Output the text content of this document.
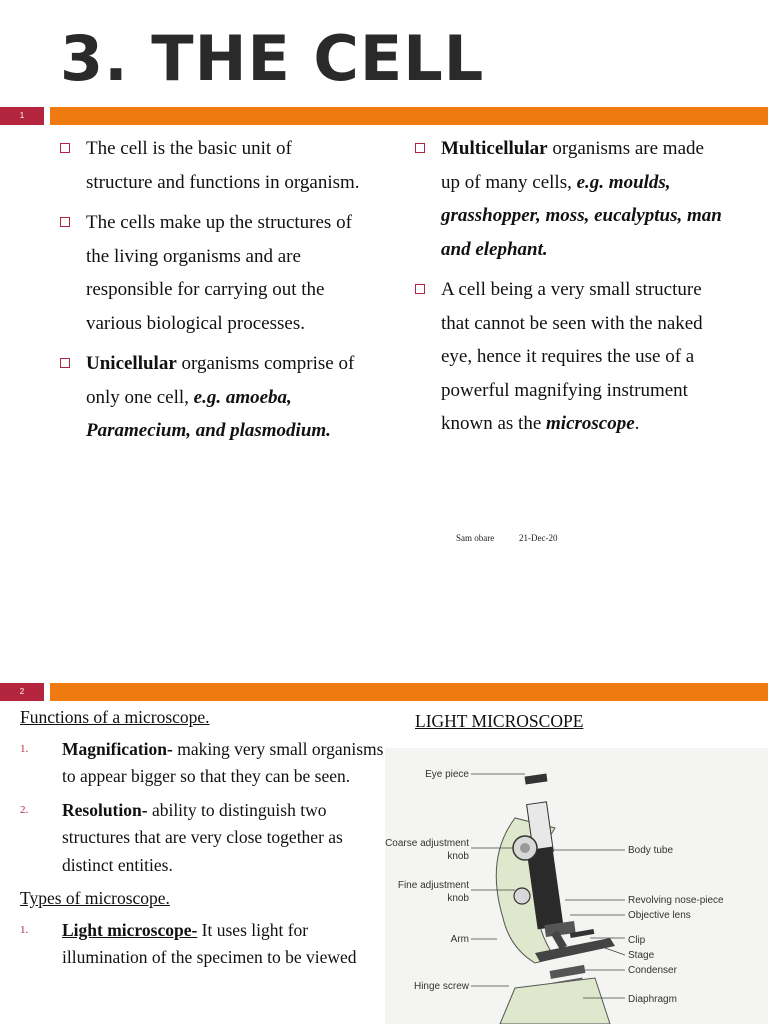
3. THE CELL
1
The cell is the basic unit of structure and functions in organism.
The cells make up the structures of the living organisms and are responsible for carrying out the various biological processes.
Unicellular organisms comprise of only one cell, e.g. amoeba, Paramecium, and plasmodium.
Multicellular organisms are made up of many cells, e.g. moulds, grasshopper, moss, eucalyptus, man and elephant.
A cell being a very small structure that cannot be seen with the naked eye, hence it requires the use of a powerful magnifying instrument known as the microscope.
Sam obare	21-Dec-20
2
Functions of a microscope.
1. Magnification- making very small organisms to appear bigger so that they can be seen.
2. Resolution- ability to distinguish two structures that are very close together as distinct entities.
Types of microscope.
1. Light microscope- It uses light for illumination of the specimen to be viewed
LIGHT MICROSCOPE
Eye piece
Coarse adjustment
knob
Fine adjustment
knob
Arm
Hinge screw
Body tube
Revolving nose-piece
Objective lens
Clip
Stage
Condenser
Diaphragm
